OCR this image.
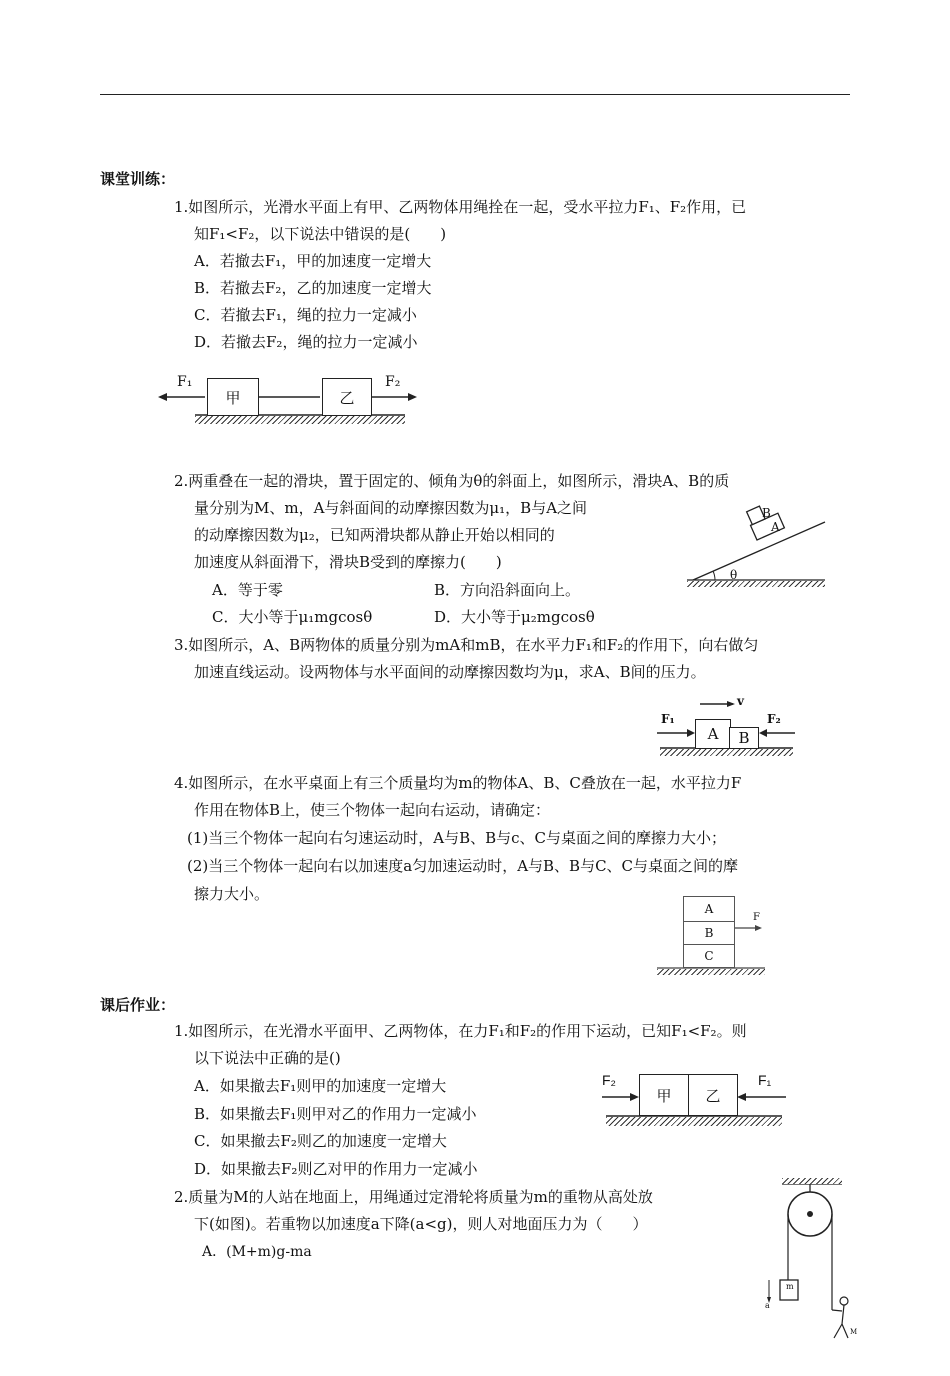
课堂训练：
1.如图所示，光滑水平面上有甲、乙两物体用绳拴在一起，受水平拉力F₁、F₂作用，已
知F₁<F₂，以下说法中错误的是(　　)
A．若撤去F₁，甲的加速度一定增大
B．若撤去F₂，乙的加速度一定增大
C．若撤去F₁，绳的拉力一定减小
D．若撤去F₂，绳的拉力一定减小
甲	乙
F₁	F₂
2.两重叠在一起的滑块，置于固定的、倾角为θ的斜面上，如图所示，滑块A、B的质
量分别为M、m，A与斜面间的动摩擦因数为μ₁，B与A之间
的动摩擦因数为μ₂，已知两滑块都从静止开始以相同的
加速度从斜面滑下，滑块B受到的摩擦力(　　)
A．等于零	B．方向沿斜面向上。
C．大小等于μ₁mgcosθ	D．大小等于μ₂mgcosθ
A
B
θ
3.如图所示，A、B两物体的质量分别为mA和mB，在水平力F₁和F₂的作用下，向右做匀
加速直线运动。设两物体与水平面间的动摩擦因数均为μ，求A、B间的压力。
A	B
F₁	F₂
v
4.如图所示，在水平桌面上有三个质量均为m的物体A、B、C叠放在一起，水平拉力F
作用在物体B上，使三个物体一起向右运动，请确定：
(1)当三个物体一起向右匀速运动时，A与B、B与c、C与桌面之间的摩擦力大小；
(2)当三个物体一起向右以加速度a匀加速运动时，A与B、B与C、C与桌面之间的摩
擦力大小。
A
B
C
F
课后作业：
1.如图所示，在光滑水平面甲、乙两物体，在力F₁和F₂的作用下运动，已知F₁<F₂。则
以下说法中正确的是()
A．如果撤去F₁则甲的加速度一定增大
B．如果撤去F₁则甲对乙的作用力一定减小
C．如果撤去F₂则乙的加速度一定增大
D．如果撤去F₂则乙对甲的作用力一定减小
甲	乙
F₂	F₁
2.质量为M的人站在地面上，用绳通过定滑轮将质量为m的重物从高处放
下(如图)。若重物以加速度a下降(a<g)，则人对地面压力为（　　）
A．(M+m)g-ma
m
a
M
